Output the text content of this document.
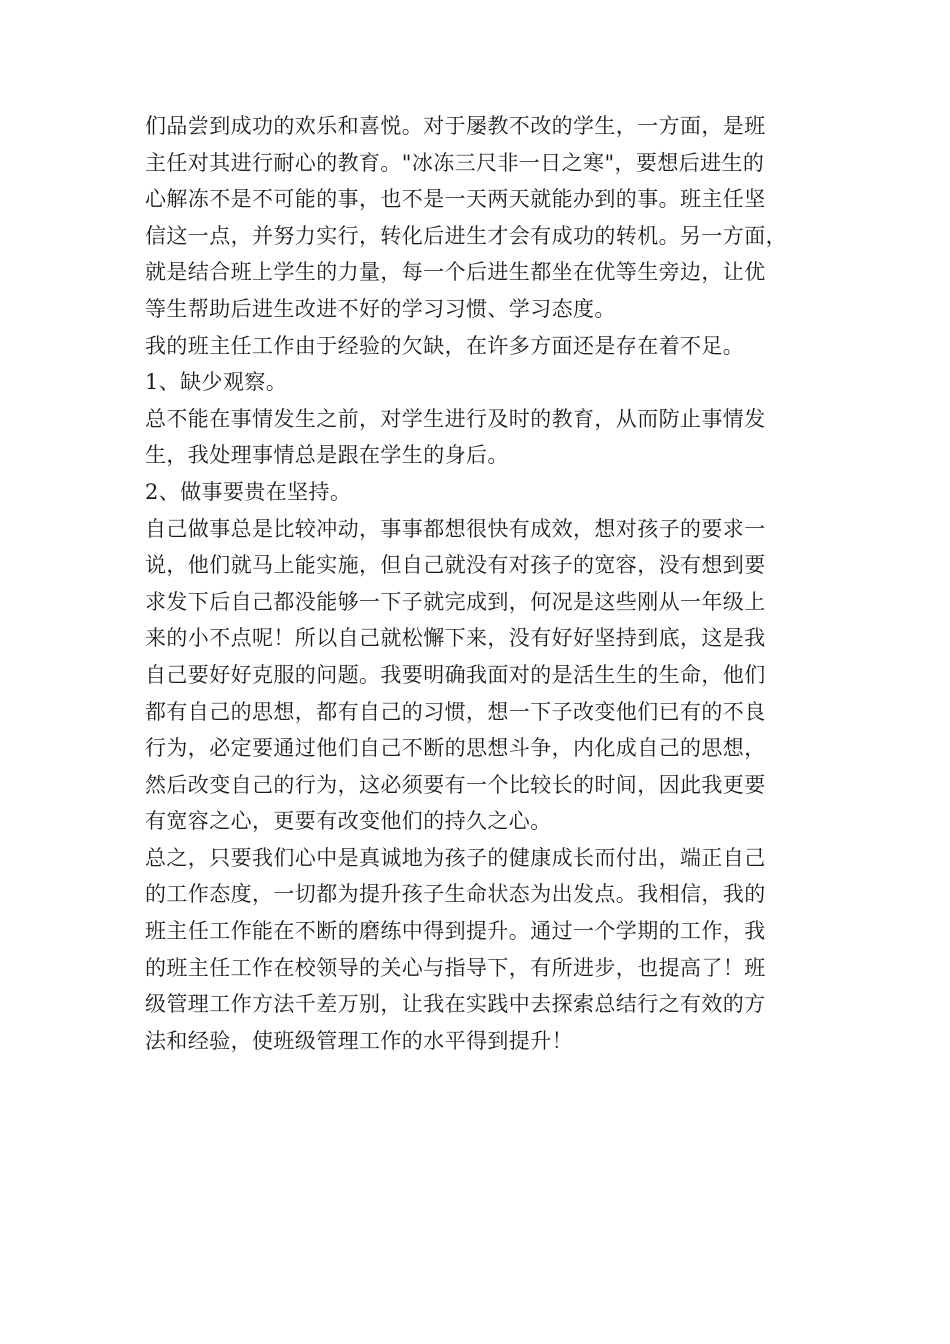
们品尝到成功的欢乐和喜悦。对于屡教不改的学生，一方面，是班
主任对其进行耐心的教育。"冰冻三尺非一日之寒"，要想后进生的
心解冻不是不可能的事，也不是一天两天就能办到的事。班主任坚
信这一点，并努力实行，转化后进生才会有成功的转机。另一方面，
就是结合班上学生的力量，每一个后进生都坐在优等生旁边，让优
等生帮助后进生改进不好的学习习惯、学习态度。
我的班主任工作由于经验的欠缺，在许多方面还是存在着不足。
1、缺少观察。
总不能在事情发生之前，对学生进行及时的教育，从而防止事情发
生，我处理事情总是跟在学生的身后。
2、做事要贵在坚持。
自己做事总是比较冲动，事事都想很快有成效，想对孩子的要求一
说，他们就马上能实施，但自己就没有对孩子的宽容，没有想到要
求发下后自己都没能够一下子就完成到，何况是这些刚从一年级上
来的小不点呢！所以自己就松懈下来，没有好好坚持到底，这是我
自己要好好克服的问题。我要明确我面对的是活生生的生命，他们
都有自己的思想，都有自己的习惯，想一下子改变他们已有的不良
行为，必定要通过他们自己不断的思想斗争，内化成自己的思想，
然后改变自己的行为，这必须要有一个比较长的时间，因此我更要
有宽容之心，更要有改变他们的持久之心。
总之，只要我们心中是真诚地为孩子的健康成长而付出，端正自己
的工作态度，一切都为提升孩子生命状态为出发点。我相信，我的
班主任工作能在不断的磨练中得到提升。通过一个学期的工作，我
的班主任工作在校领导的关心与指导下，有所进步，也提高了！班
级管理工作方法千差万别，让我在实践中去探索总结行之有效的方
法和经验，使班级管理工作的水平得到提升！
